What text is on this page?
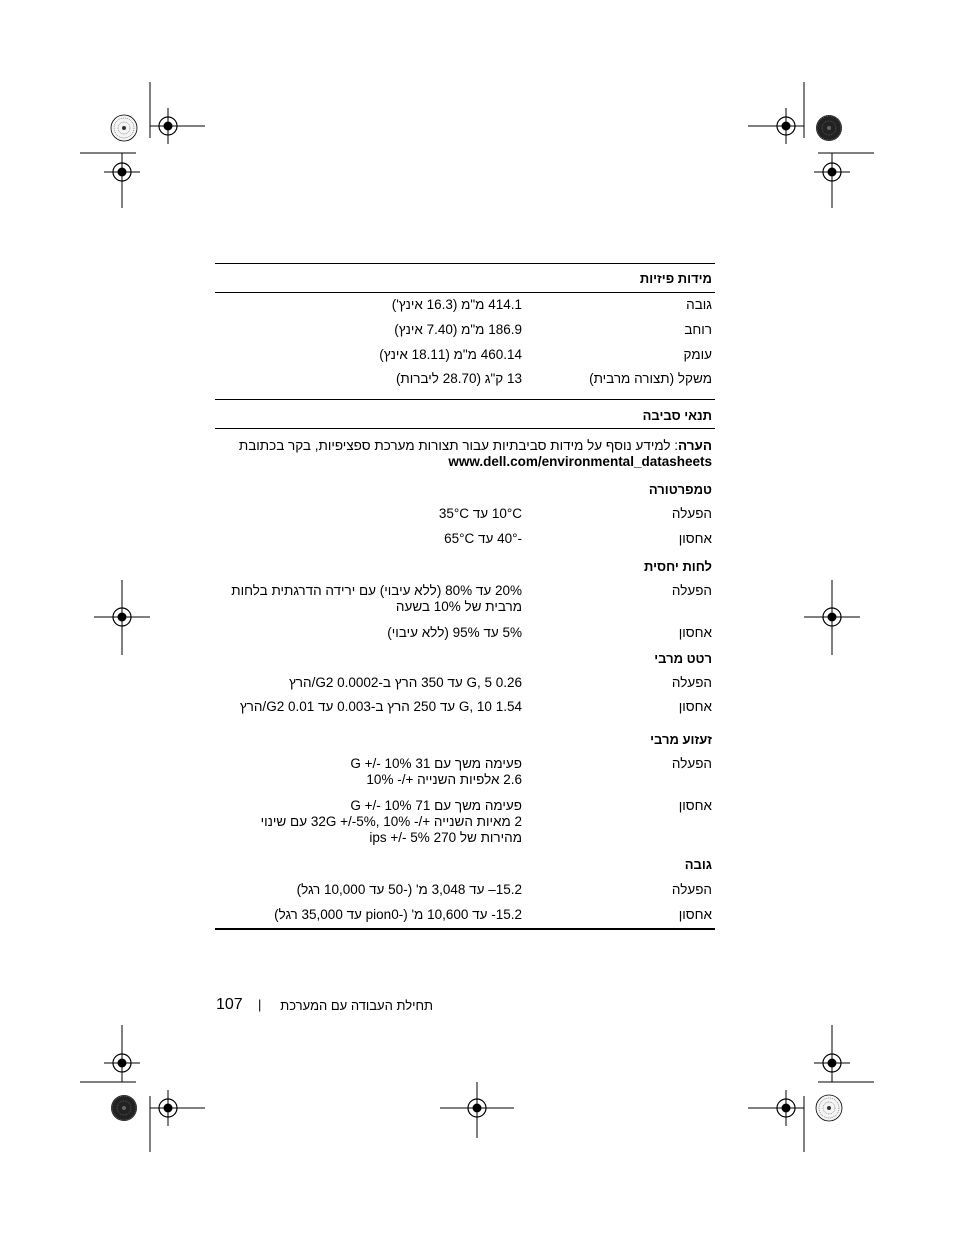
מידות פיזיות
גובה
414.1 מ"מ (16.3 אינץ')
רוחב
186.9 מ"מ (7.40 אינץ)
עומק
460.14 מ"מ (18.11 אינץ)
משקל (תצורה מרבית)
13 ק"ג (28.70 ליברות)
תנאי סביבה
הערה: למידע נוסף על מידות סביבתיות עבור תצורות מערכת ספציפיות, בקר בכתובת
www.dell.com/environmental_datasheets
טמפרטורה
הפעלה
10°C עד 35°C
אחסון
-40° עד 65°C
לחות יחסית
הפעלה
20% עד 80% (ללא עיבוי) עם ירידה הדרגתית בלחות
מרבית של 10% בשעה
אחסון
5% עד 95% (ללא עיבוי)
רטט מרבי
הפעלה
0.26 G, 5 עד 350 הרץ ב-0.0002 G2/הרץ
אחסון
1.54 G, 10 עד 250 הרץ ב-0.003 עד 0.01 G2/הרץ
זעזוע מרבי
הפעלה
פעימה משך עם 31 G +/- 10%
2.6 אלפיות השנייה +/- 10%
אחסון
פעימה משך עם 71 G +/- 10%
2 מאיות השנייה +/- 10% ,32G +/-5% עם שינוי
מהירות של 270 ips +/- 5%
גובה
הפעלה
‎–15.2 עד 3,048 מ' (-50 עד 10,000 רגל)
אחסון
‎-15.2 עד 10,600 מ' (-pion0 עד 35,000 רגל)
107 | תחילת העבודה עם המערכת
